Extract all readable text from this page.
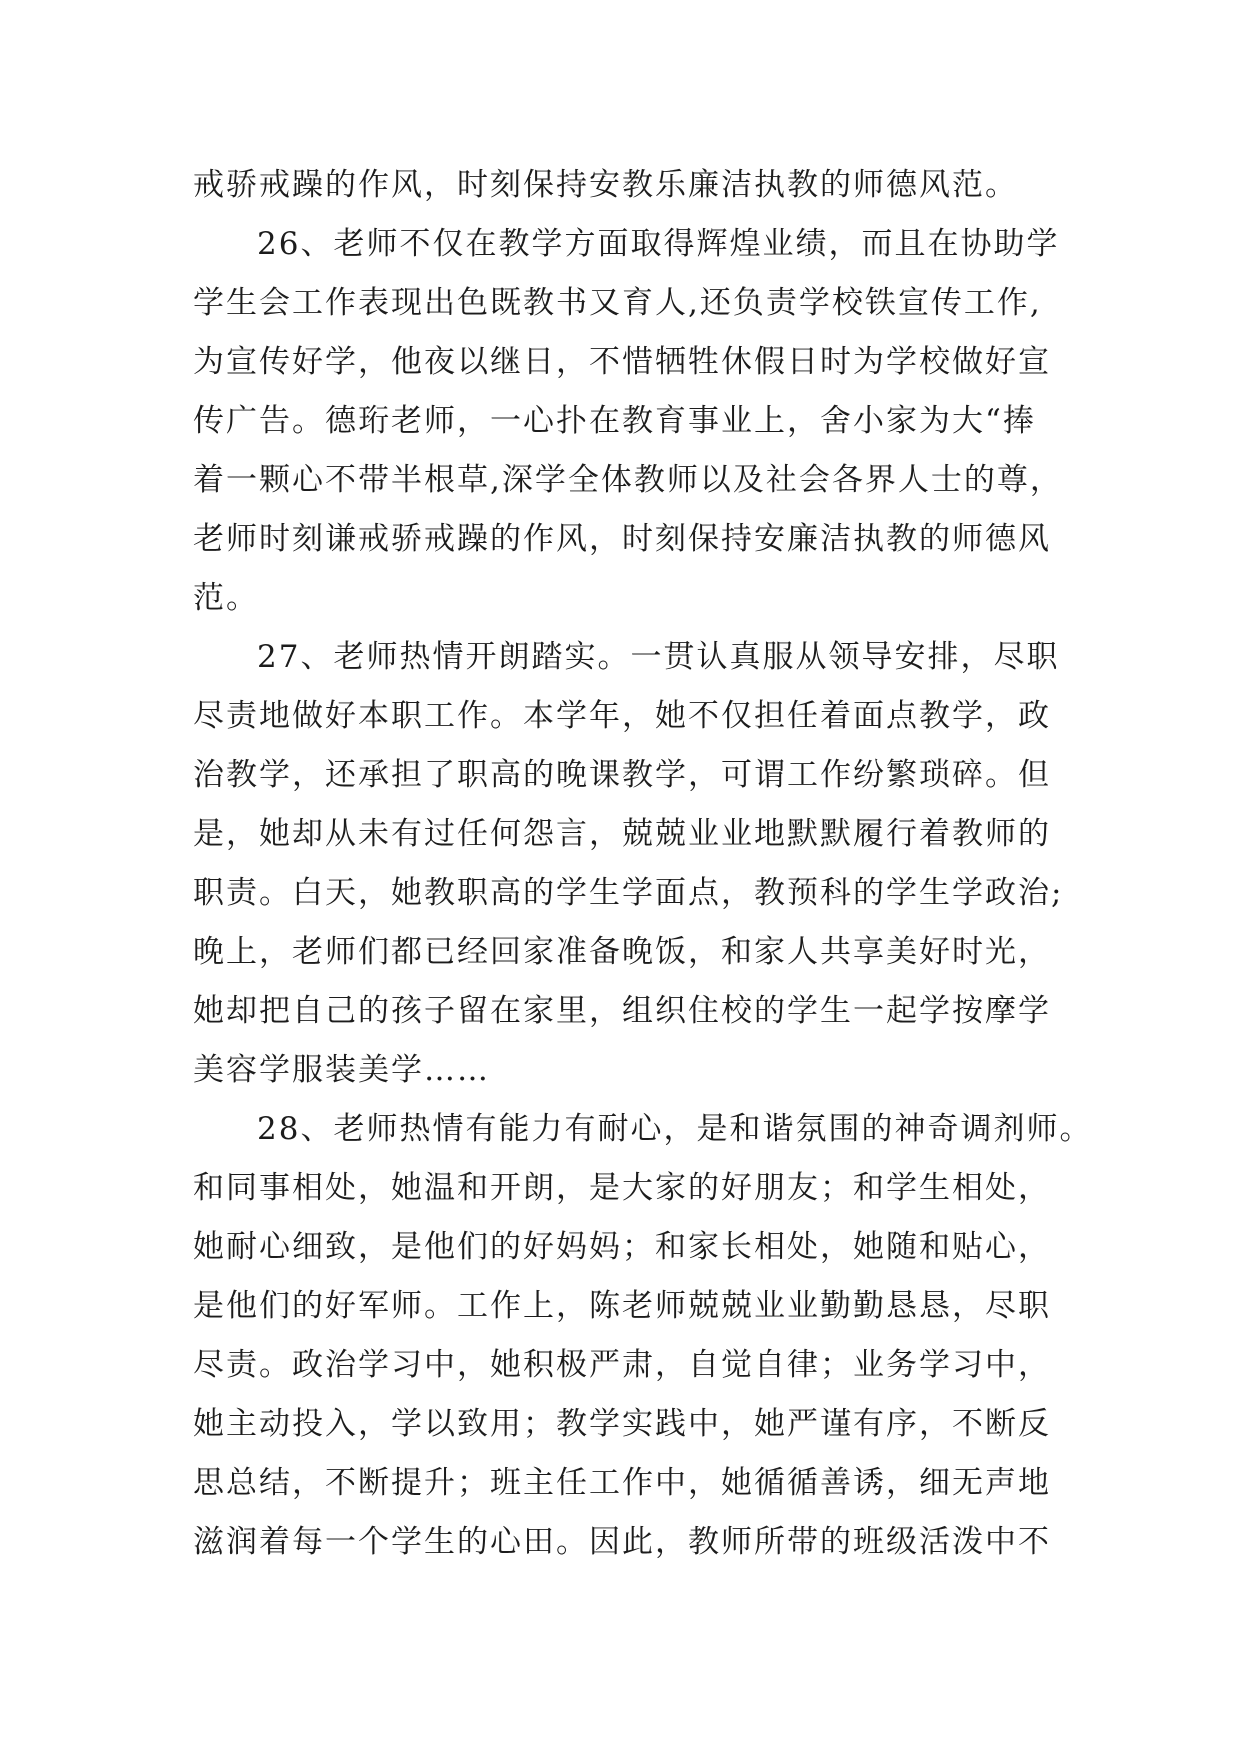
戒骄戒躁的作风，时刻保持安教乐廉洁执教的师德风范。
26、老师不仅在教学方面取得辉煌业绩，而且在协助学
学生会工作表现出色既教书又育人,还负责学校铁宣传工作,
为宣传好学，他夜以继日，不惜牺牲休假日时为学校做好宣
传广告。德珩老师，一心扑在教育事业上，舍小家为大“捧
着一颗心不带半根草,深学全体教师以及社会各界人士的尊，
老师时刻谦戒骄戒躁的作风，时刻保持安廉洁执教的师德风
范。
27、老师热情开朗踏实。一贯认真服从领导安排，尽职
尽责地做好本职工作。本学年，她不仅担任着面点教学，政
治教学，还承担了职高的晚课教学，可谓工作纷繁琐碎。但
是，她却从未有过任何怨言，兢兢业业地默默履行着教师的
职责。白天，她教职高的学生学面点，教预科的学生学政治;
晚上，老师们都已经回家准备晚饭，和家人共享美好时光，
她却把自己的孩子留在家里，组织住校的学生一起学按摩学
美容学服装美学……
28、老师热情有能力有耐心，是和谐氛围的神奇调剂师。
和同事相处，她温和开朗，是大家的好朋友；和学生相处，
她耐心细致，是他们的好妈妈；和家长相处，她随和贴心，
是他们的好军师。工作上，陈老师兢兢业业勤勤恳恳，尽职
尽责。政治学习中，她积极严肃，自觉自律；业务学习中，
她主动投入，学以致用；教学实践中，她严谨有序，不断反
思总结，不断提升；班主任工作中，她循循善诱，细无声地
滋润着每一个学生的心田。因此，教师所带的班级活泼中不
